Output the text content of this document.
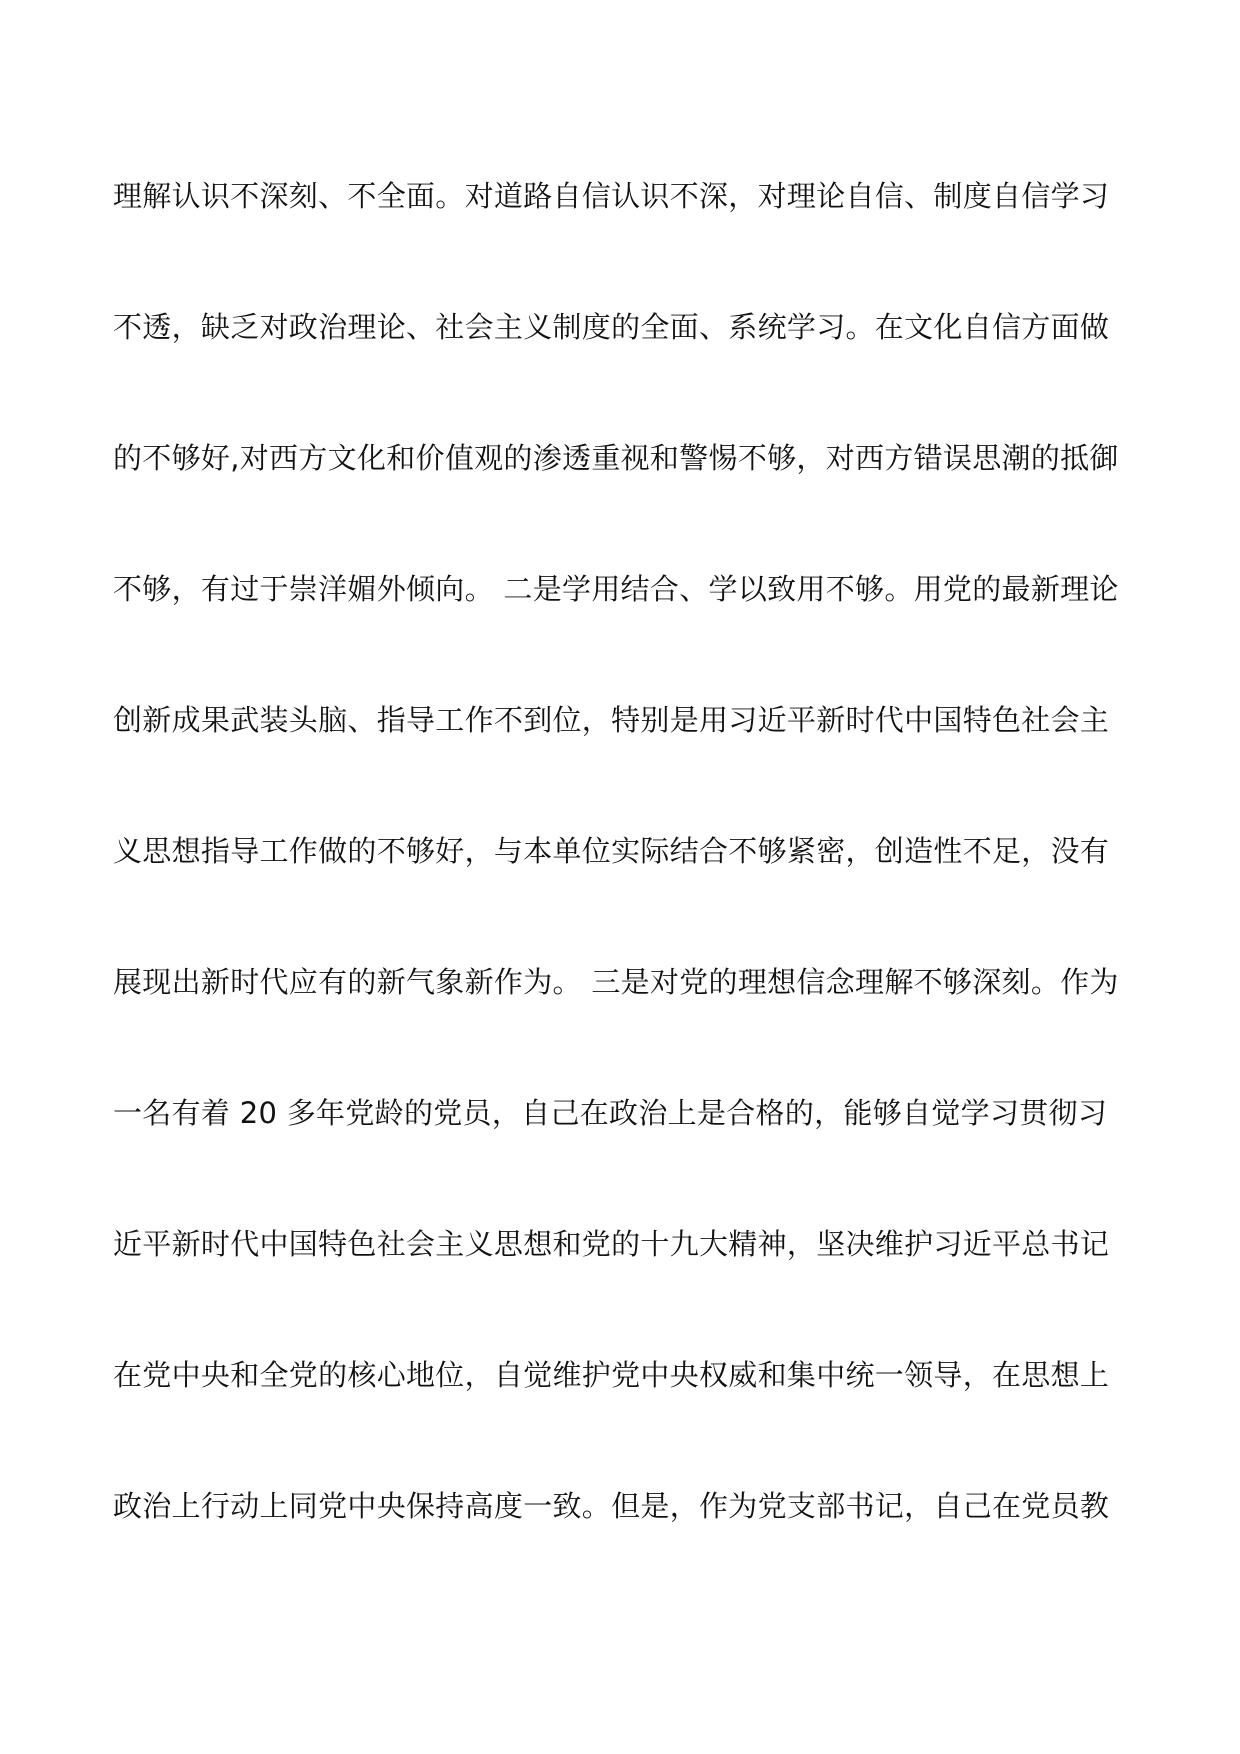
理解认识不深刻、不全面。对道路自信认识不深，对理论自信、制度自信学习
不透，缺乏对政治理论、社会主义制度的全面、系统学习。在文化自信方面做
的不够好,对西方文化和价值观的渗透重视和警惕不够，对西方错误思潮的抵御
不够，有过于崇洋媚外倾向。 二是学用结合、学以致用不够。用党的最新理论
创新成果武装头脑、指导工作不到位，特别是用习近平新时代中国特色社会主
义思想指导工作做的不够好，与本单位实际结合不够紧密，创造性不足，没有
展现出新时代应有的新气象新作为。 三是对党的理想信念理解不够深刻。作为
一名有着 20 多年党龄的党员，自己在政治上是合格的，能够自觉学习贯彻习
近平新时代中国特色社会主义思想和党的十九大精神，坚决维护习近平总书记
在党中央和全党的核心地位，自觉维护党中央权威和集中统一领导，在思想上
政治上行动上同党中央保持高度一致。但是，作为党支部书记，自己在党员教
